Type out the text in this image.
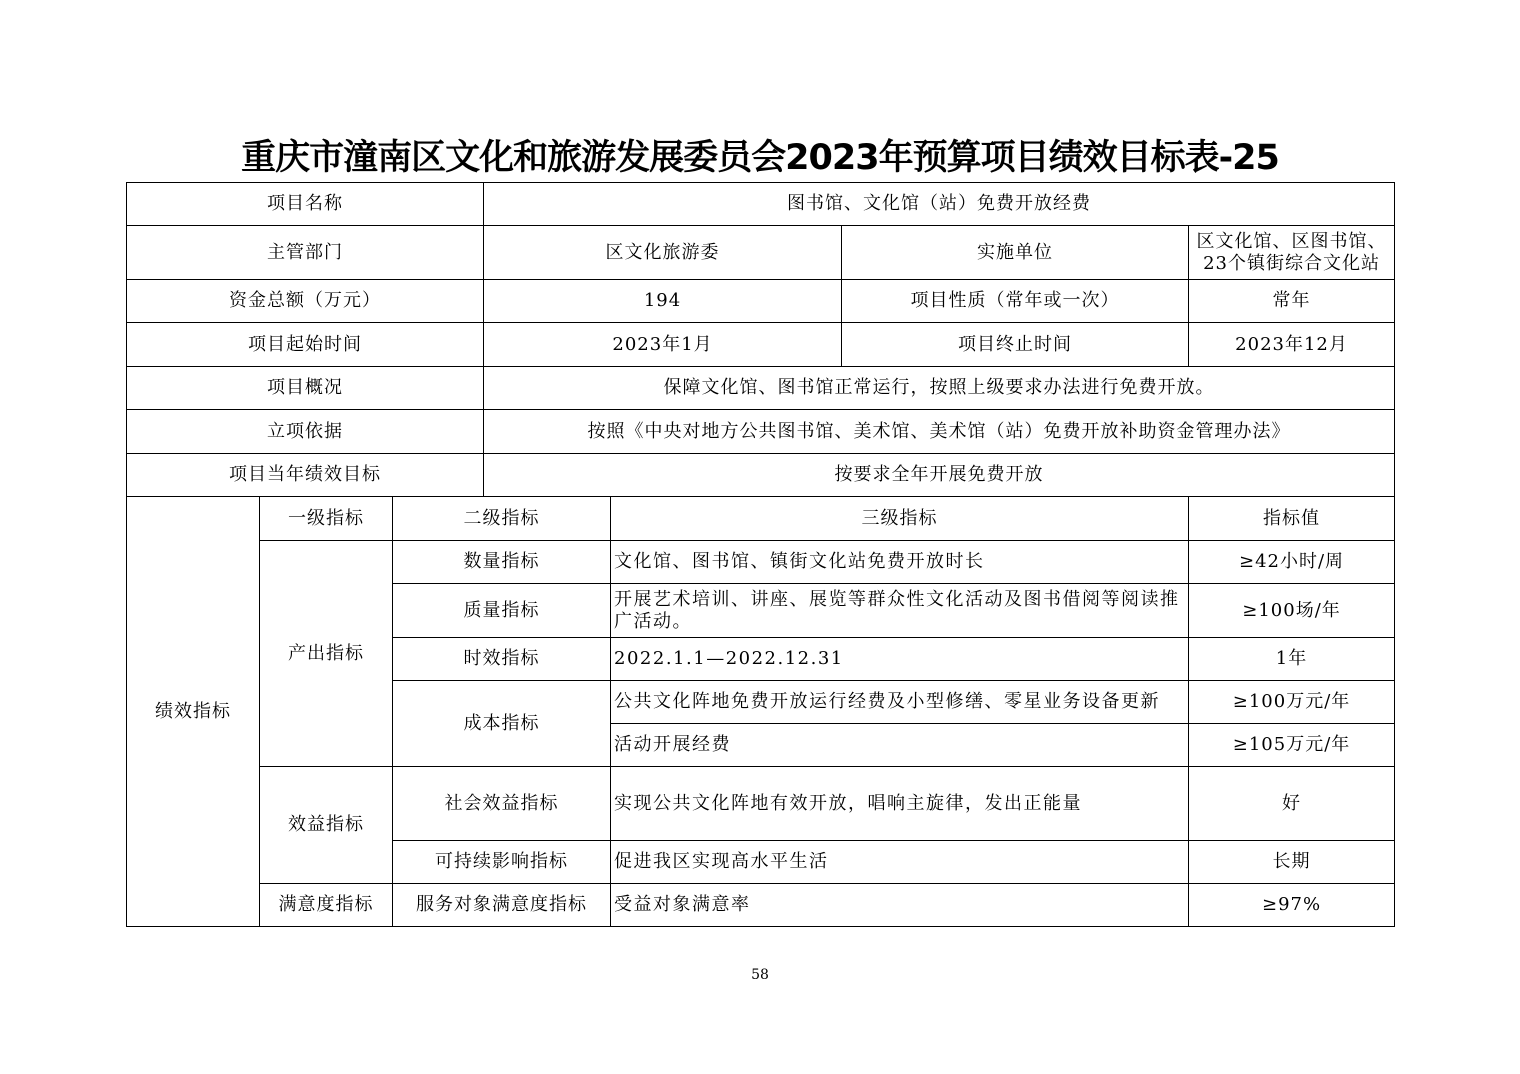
重庆市潼南区文化和旅游发展委员会2023年预算项目绩效目标表-25
项目名称			图书馆、文化馆（站）免费开放经费			
主管部门			区文化旅游委		实施单位	区文化馆、区图书馆、23个镇街综合文化站
资金总额（万元）			194		项目性质（常年或一次）	常年
项目起始时间			2023年1月		项目终止时间	2023年12月
项目概况			保障文化馆、图书馆正常运行，按照上级要求办法进行免费开放。			
立项依据			按照《中央对地方公共图书馆、美术馆、美术馆（站）免费开放补助资金管理办法》			
项目当年绩效目标			按要求全年开展免费开放			
绩效指标	一级指标	二级指标		三级指标		指标值
	产出指标	数量指标		文化馆、图书馆、镇街文化站免费开放时长		≥42小时/周
		质量指标		开展艺术培训、讲座、展览等群众性文化活动及图书借阅等阅读推广活动。		≥100场/年
		时效指标		2022.1.1—2022.12.31		1年
		成本指标		公共文化阵地免费开放运行经费及小型修缮、零星业务设备更新		≥100万元/年
				活动开展经费		≥105万元/年
	效益指标	社会效益指标		实现公共文化阵地有效开放，唱响主旋律，发出正能量		好
		可持续影响指标		促进我区实现高水平生活		长期
	满意度指标	服务对象满意度指标		受益对象满意率		≥97%
58
